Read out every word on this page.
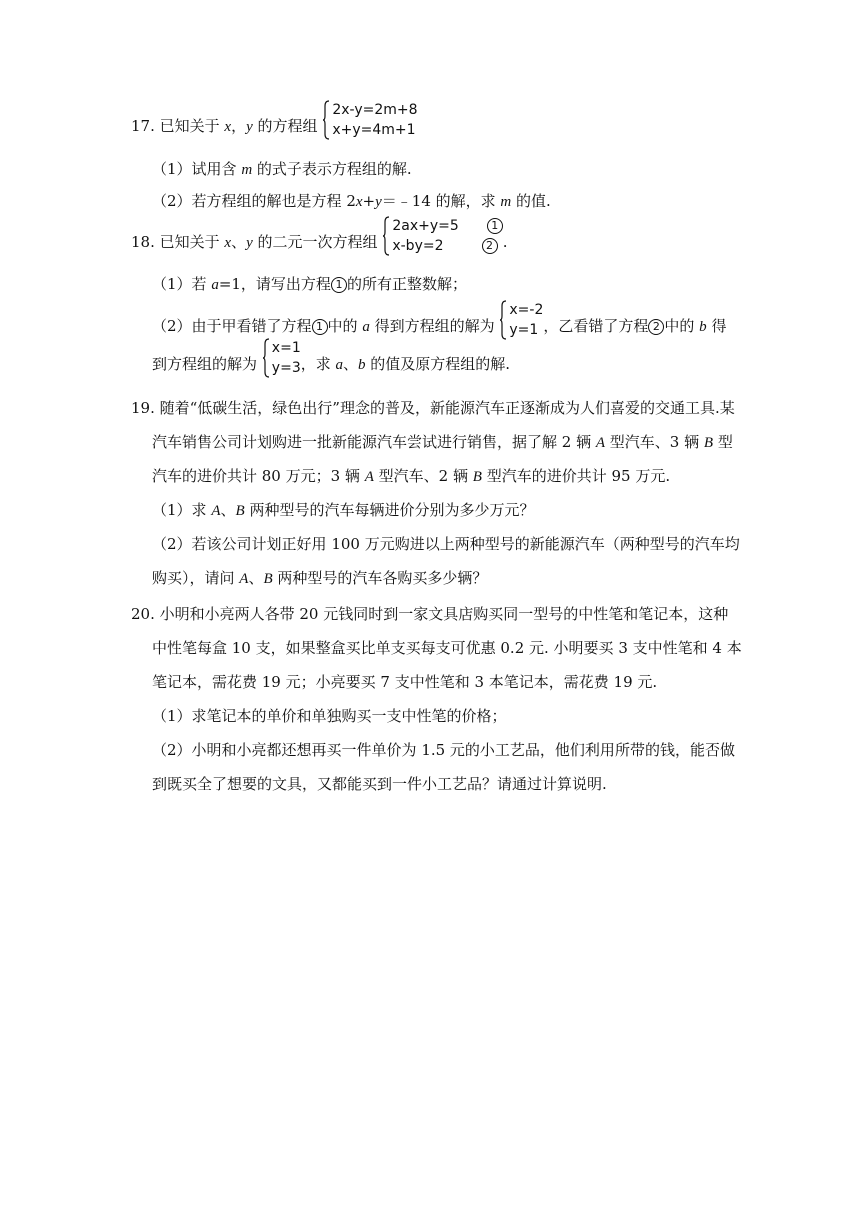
17. 已知关于 x，y 的方程组
2x-y=2m+8
x+y=4m+1
（1）试用含 m 的式子表示方程组的解.
（2）若方程组的解也是方程 2x+y＝﹣14 的解，求 m 的值.
18. 已知关于 x、y 的二元一次方程组
2ax+y=5	1
x-by=2	2 .
（1）若 a=1，请写出方程 1 的所有正整数解；
（2）由于甲看错了方程 1 中的 a 得到方程组的解为
x=-2
y=1 ，乙看错了方程 2 中的 b 得
到方程组的解为
x=1
y=3 ，求 a、b 的值及原方程组的解.
19. 随着“低碳生活，绿色出行”理念的普及，新能源汽车正逐渐成为人们喜爱的交通工具.某
汽车销售公司计划购进一批新能源汽车尝试进行销售，据了解 2 辆 A 型汽车、3 辆 B 型
汽车的进价共计 80 万元；3 辆 A 型汽车、2 辆 B 型汽车的进价共计 95 万元.
（1）求 A、B 两种型号的汽车每辆进价分别为多少万元？
（2）若该公司计划正好用 100 万元购进以上两种型号的新能源汽车（两种型号的汽车均
购买），请问 A、B 两种型号的汽车各购买多少辆？
20. 小明和小亮两人各带 20 元钱同时到一家文具店购买同一型号的中性笔和笔记本，这种
中性笔每盒 10 支，如果整盒买比单支买每支可优惠 0.2 元. 小明要买 3 支中性笔和 4 本
笔记本，需花费 19 元；小亮要买 7 支中性笔和 3 本笔记本，需花费 19 元.
（1）求笔记本的单价和单独购买一支中性笔的价格；
（2）小明和小亮都还想再买一件单价为 1.5 元的小工艺品，他们利用所带的钱，能否做
到既买全了想要的文具，又都能买到一件小工艺品？请通过计算说明.
